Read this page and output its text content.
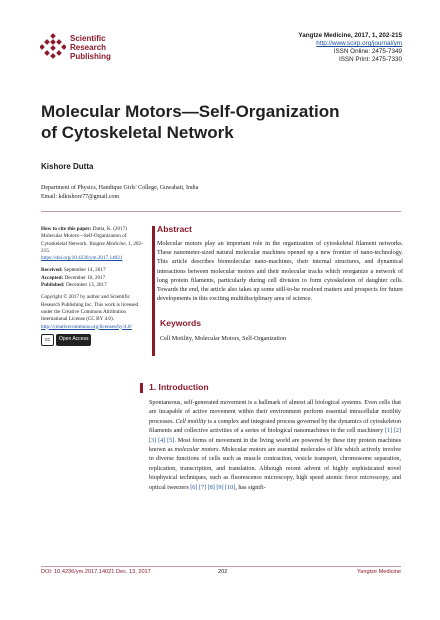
Scientific
Research
Publishing
Yangtze Medicine, 2017, 1, 202-215
http://www.scirp.org/journal/ym
ISSN Online: 2475-7349
ISSN Print: 2475-7330
Molecular Motors—Self-Organization of Cytoskeletal Network
Kishore Dutta
Department of Physics, Handique Girls' College, Guwahati, India
Email: kdkishore77@gmail.com
How to cite this paper: Dutta, K. (2017) Molecular Motors—Self-Organization of Cytoskeletal Network. Yangtze Medicine, 1, 202-215.
https://doi.org/10.4236/ym.2017.14021
Received: September 14, 2017
Accepted: December 10, 2017
Published: December 13, 2017
Copyright © 2017 by author and Scientific Research Publishing Inc. This work is licensed under the Creative Commons Attribution International License (CC BY 4.0).
http://creativecommons.org/licenses/by/4.0/
cc	Open Access
Abstract
Molecular motors play an important role in the organization of cytoskeletal filament networks. These nanometer-sized natural molecular machines opened up a new frontier of nano-technology. This article describes biomolecular nano-machines, their internal structures, and dynamical interactions between molecular motors and their molecular tracks which reorganize a network of long protein filaments, particularly during cell division to form cytoskeleton of daughter cells. Towards the end, the article also takes up some still-to-be resolved matters and prospects for future developments in this exciting multidisciplinary area of science.
Keywords
Cell Motility, Molecular Motors, Self-Organization
1. Introduction
Spontaneous, self-generated movement is a hallmark of almost all biological systems. Even cells that are incapable of active movement within their environment perform essential intracellular motility processes. Cell motility is a complex and integrated process governed by the dynamics of cytoskeleton filaments and collective activities of a series of biological nanomachines in the cell machinery [1] [2] [3] [4] [5]. Most forms of movement in the living world are powered by these tiny protein machines known as molecular motors. Molecular motors are essential molecules of life which actively involve in diverse functions of cells such as muscle contraction, vesicle transport, chromosome separation, replication, transcription, and translation. Although recent advent of highly sophisticated novel biophysical techniques, such as fluorescence microscopy, high speed atomic force microscopy, and optical tweezers [6] [7] [8] [9] [10], has signifi-
DOI: 10.4236/ym.2017.14021 Dec. 13, 2017	202	Yangtze Medicine
